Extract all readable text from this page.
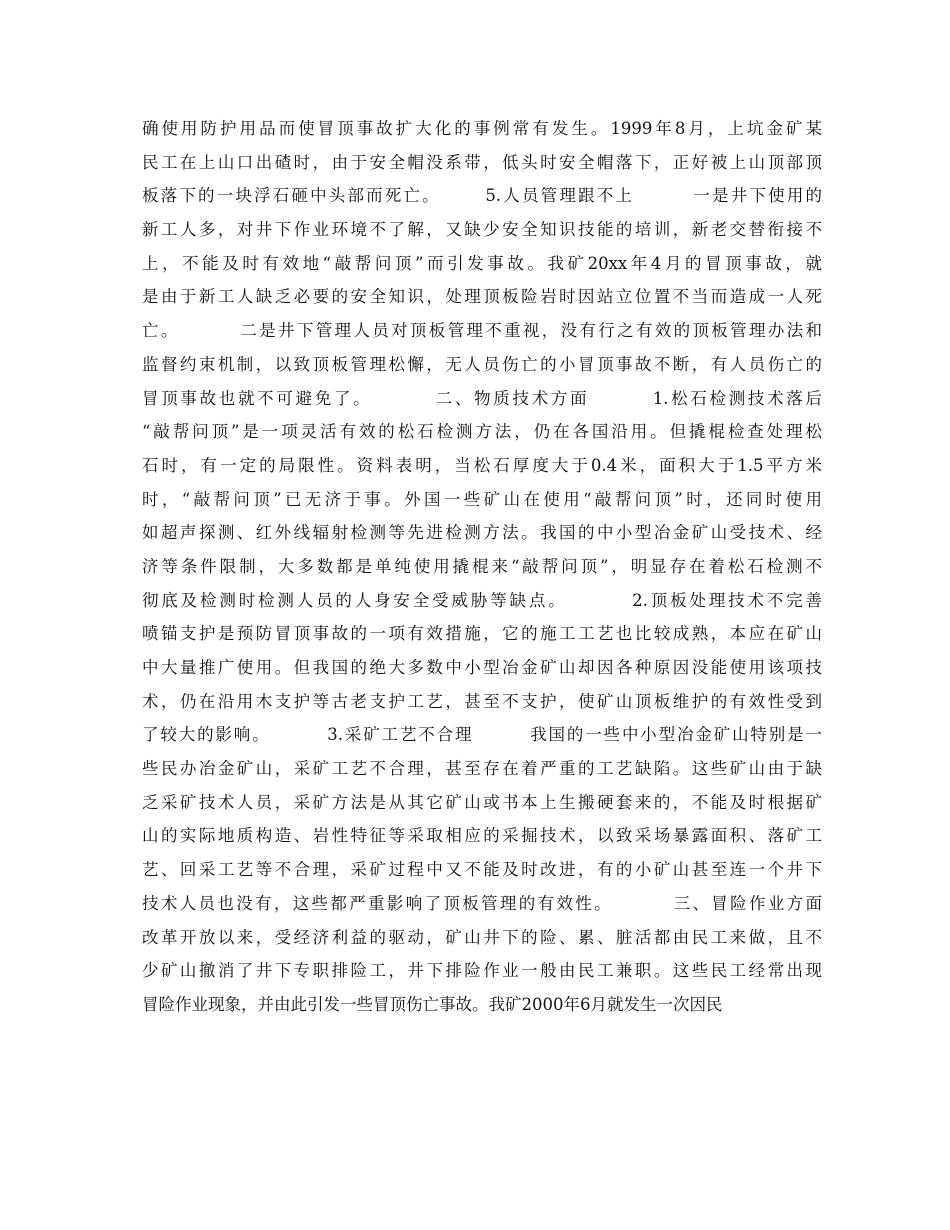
确使用防护用品而使冒顶事故扩大化的事例常有发生。1999年8月，上坑金矿某
民工在上山口出碴时，由于安全帽没系带，低头时安全帽落下，正好被上山顶部顶
板落下的一块浮石砸中头部而死亡。      5.人员管理跟不上        一是井下使用的
新工人多，对井下作业环境不了解，又缺少安全知识技能的培训，新老交替衔接不
上，不能及时有效地“敲帮问顶”而引发事故。我矿20xx年4月的冒顶事故，就
是由于新工人缺乏必要的安全知识，处理顶板险岩时因站立位置不当而造成一人死
亡。        二是井下管理人员对顶板管理不重视，没有行之有效的顶板管理办法和
监督约束机制，以致顶板管理松懈，无人员伤亡的小冒顶事故不断，有人员伤亡的
冒顶事故也就不可避免了。        二、物质技术方面        1.松石检测技术落后
“敲帮问顶”是一项灵活有效的松石检测方法，仍在各国沿用。但撬棍检查处理松
石时，有一定的局限性。资料表明，当松石厚度大于0.4米，面积大于1.5平方米
时，“敲帮问顶”已无济于事。外国一些矿山在使用“敲帮问顶”时，还同时使用
如超声探测、红外线辐射检测等先进检测方法。我国的中小型冶金矿山受技术、经
济等条件限制，大多数都是单纯使用撬棍来“敲帮问顶”，明显存在着松石检测不
彻底及检测时检测人员的人身安全受威胁等缺点。        2.顶板处理技术不完善
喷锚支护是预防冒顶事故的一项有效措施，它的施工工艺也比较成熟，本应在矿山
中大量推广使用。但我国的绝大多数中小型冶金矿山却因各种原因没能使用该项技
术，仍在沿用木支护等古老支护工艺，甚至不支护，使矿山顶板维护的有效性受到
了较大的影响。        3.采矿工艺不合理        我国的一些中小型冶金矿山特别是一
些民办冶金矿山，采矿工艺不合理，甚至存在着严重的工艺缺陷。这些矿山由于缺
乏采矿技术人员，采矿方法是从其它矿山或书本上生搬硬套来的，不能及时根据矿
山的实际地质构造、岩性特征等采取相应的采掘技术，以致采场暴露面积、落矿工
艺、回采工艺等不合理，采矿过程中又不能及时改进，有的小矿山甚至连一个井下
技术人员也没有，这些都严重影响了顶板管理的有效性。        三、冒险作业方面
改革开放以来，受经济利益的驱动，矿山井下的险、累、脏活都由民工来做，且不
少矿山撤消了井下专职排险工，井下排险作业一般由民工兼职。这些民工经常出现
冒险作业现象，并由此引发一些冒顶伤亡事故。我矿2000年6月就发生一次因民
